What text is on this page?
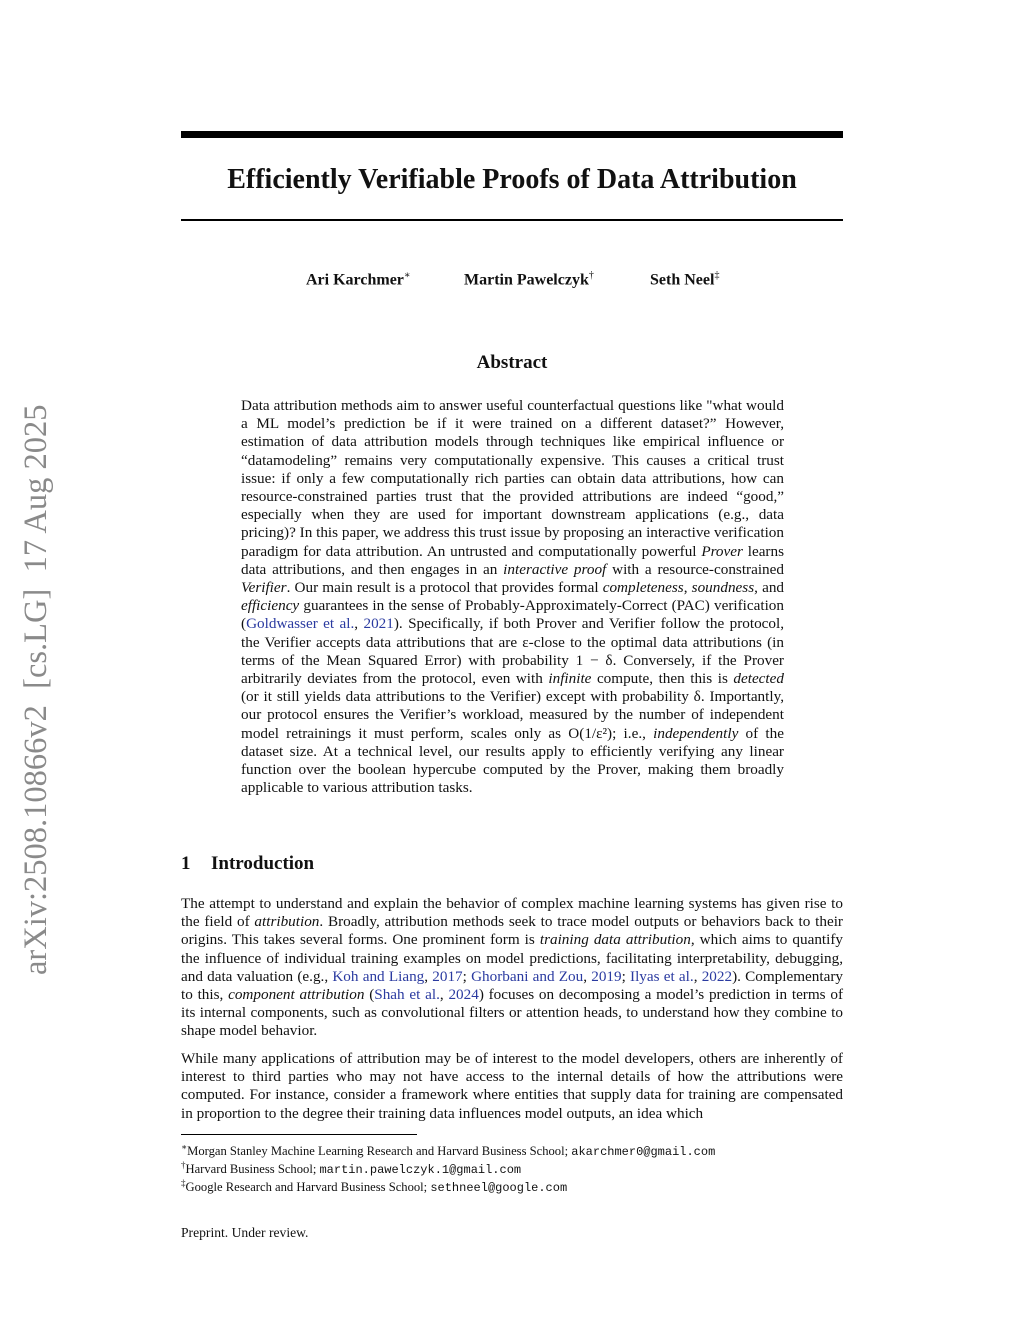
arXiv:2508.10866v2  [cs.LG]  17 Aug 2025
Efficiently Verifiable Proofs of Data Attribution
Ari Karchmer∗	Martin Pawelczyk†	Seth Neel‡
Abstract
Data attribution methods aim to answer useful counterfactual questions like "what would a ML model’s prediction be if it were trained on a different dataset?” However, estimation of data attribution models through techniques like empirical influence or “datamodeling” remains very computationally expensive. This causes a critical trust issue: if only a few computationally rich parties can obtain data attributions, how can resource-constrained parties trust that the provided attributions are indeed “good,” especially when they are used for important downstream applications (e.g., data pricing)? In this paper, we address this trust issue by proposing an interactive verification paradigm for data attribution. An untrusted and computationally powerful Prover learns data attributions, and then engages in an interactive proof with a resource-constrained Verifier. Our main result is a protocol that provides formal completeness, soundness, and efficiency guarantees in the sense of Probably-Approximately-Correct (PAC) verification (Goldwasser et al., 2021). Specifically, if both Prover and Verifier follow the protocol, the Verifier accepts data attributions that are ε-close to the optimal data attributions (in terms of the Mean Squared Error) with probability 1 − δ. Conversely, if the Prover arbitrarily deviates from the protocol, even with infinite compute, then this is detected (or it still yields data attributions to the Verifier) except with probability δ. Importantly, our protocol ensures the Verifier’s workload, measured by the number of independent model retrainings it must perform, scales only as O(1/ε²); i.e., independently of the dataset size. At a technical level, our results apply to efficiently verifying any linear function over the boolean hypercube computed by the Prover, making them broadly applicable to various attribution tasks.
1 Introduction
The attempt to understand and explain the behavior of complex machine learning systems has given rise to the field of attribution. Broadly, attribution methods seek to trace model outputs or behaviors back to their origins. This takes several forms. One prominent form is training data attribution, which aims to quantify the influence of individual training examples on model predictions, facilitating interpretability, debugging, and data valuation (e.g., Koh and Liang, 2017; Ghorbani and Zou, 2019; Ilyas et al., 2022). Complementary to this, component attribution (Shah et al., 2024) focuses on decomposing a model’s prediction in terms of its internal components, such as convolutional filters or attention heads, to understand how they combine to shape model behavior.
While many applications of attribution may be of interest to the model developers, others are inherently of interest to third parties who may not have access to the internal details of how the attributions were computed. For instance, consider a framework where entities that supply data for training are compensated in proportion to the degree their training data influences model outputs, an idea which
∗Morgan Stanley Machine Learning Research and Harvard Business School; akarchmer0@gmail.com
†Harvard Business School; martin.pawelczyk.1@gmail.com
‡Google Research and Harvard Business School; sethneel@google.com
Preprint. Under review.
